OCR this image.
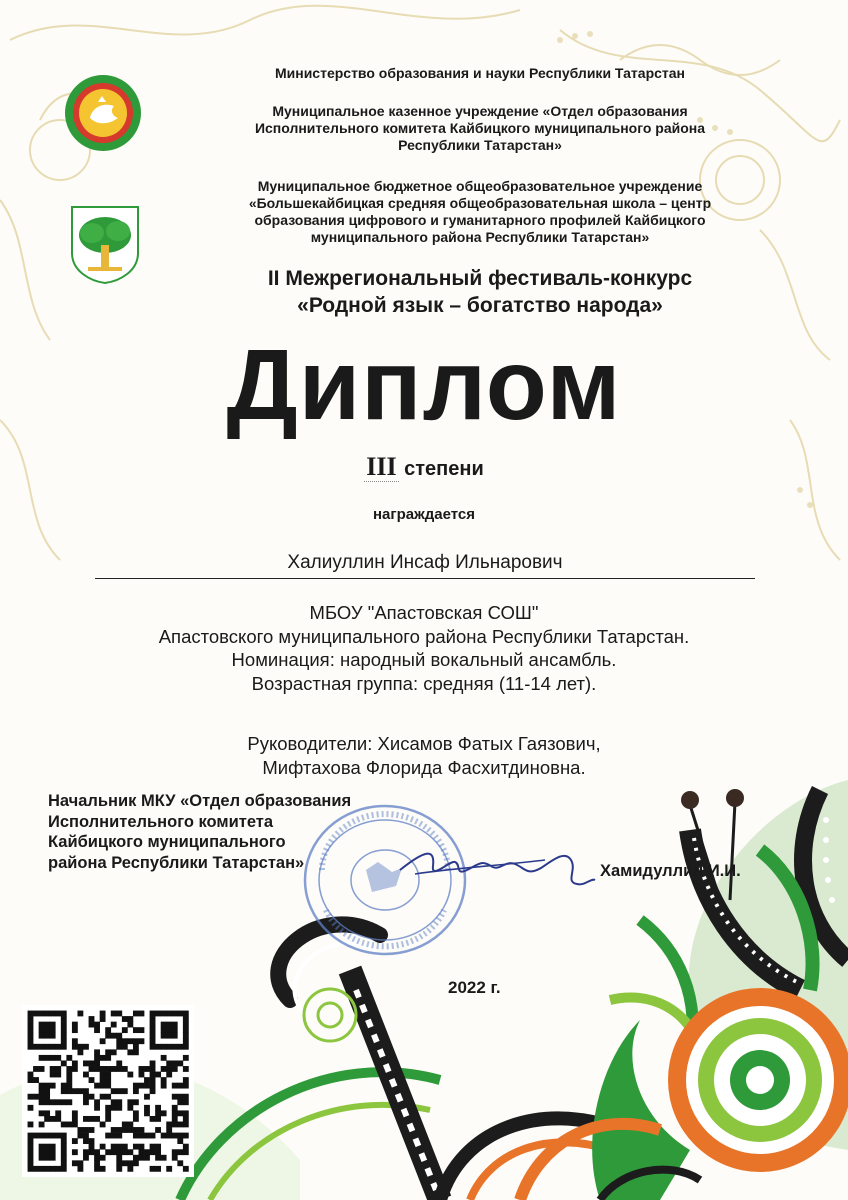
Министерство образования и науки Республики Татарстан
Муниципальное казенное учреждение «Отдел образования
Исполнительного комитета Кайбицкого муниципального района
Республики Татарстан»
Муниципальное бюджетное общеобразовательное учреждение
«Большекайбицкая средняя общеобразовательная школа – центр
образования цифрового и гуманитарного профилей Кайбицкого
муниципального района Республики Татарстан»
II Межрегиональный фестиваль-конкурс
«Родной язык – богатство народа»
Диплом
III степени
награждается
Халиуллин Инсаф Ильнарович
МБОУ "Апастовская СОШ"
Апастовского муниципального района Республики Татарстан.
Номинация: народный вокальный ансамбль.
Возрастная группа: средняя (11-14 лет).
Руководители: Хисамов Фатых Гаязович,
Мифтахова Флорида Фасхитдиновна.
Начальник МКУ «Отдел образования
Исполнительного комитета
Кайбицкого муниципального
района Республики Татарстан»	Хамидуллин И.И.
2022 г.
